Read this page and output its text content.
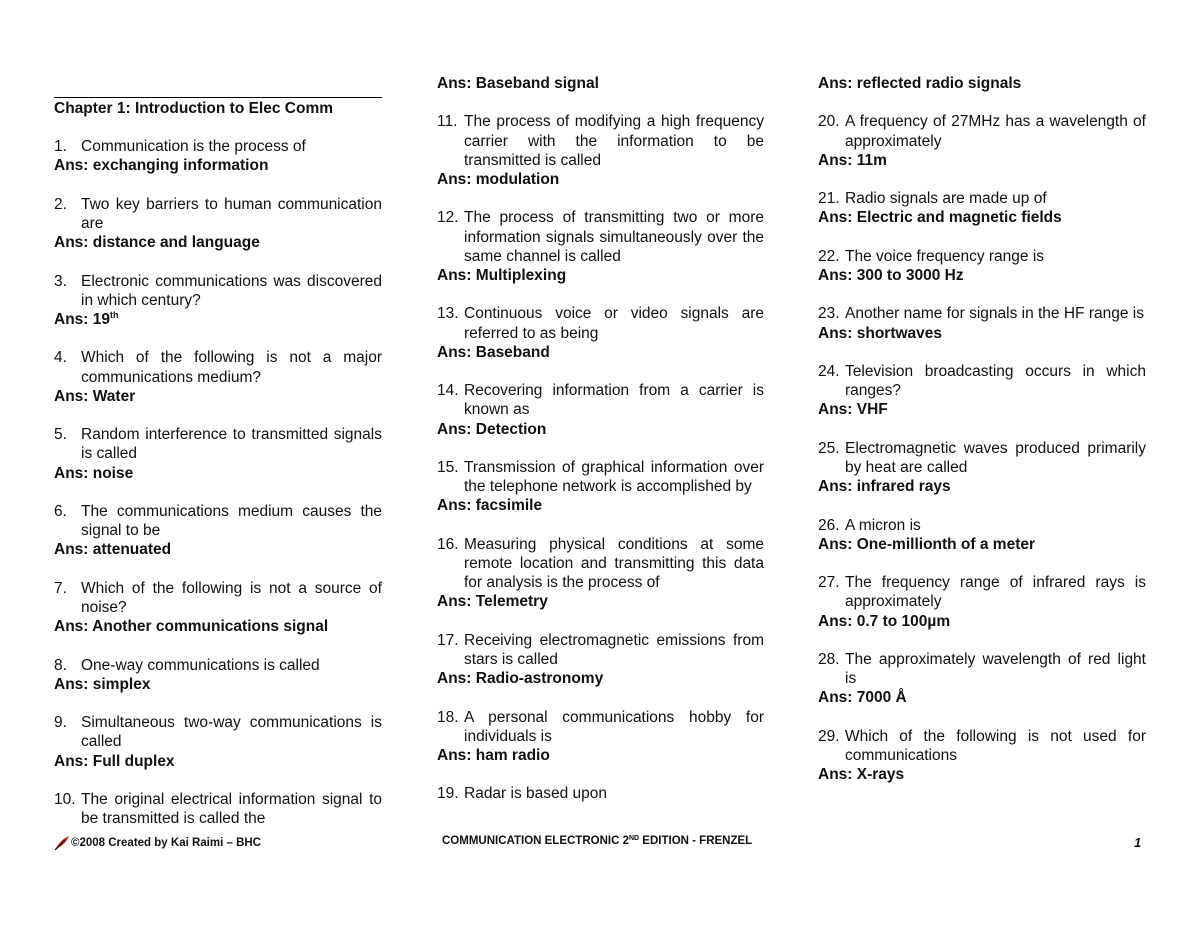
Chapter 1: Introduction to Elec Comm
1. Communication is the process of
Ans: exchanging information
2. Two key barriers to human communication are
Ans: distance and language
3. Electronic communications was discovered in which century?
Ans: 19th
4. Which of the following is not a major communications medium?
Ans: Water
5. Random interference to transmitted signals is called
Ans: noise
6. The communications medium causes the signal to be
Ans: attenuated
7. Which of the following is not a source of noise?
Ans: Another communications signal
8. One-way communications is called
Ans: simplex
9. Simultaneous two-way communications is called
Ans: Full duplex
10. The original electrical information signal to be transmitted is called the
Ans: Baseband signal
11. The process of modifying a high frequency carrier with the information to be transmitted is called
Ans: modulation
12. The process of transmitting two or more information signals simultaneously over the same channel is called
Ans: Multiplexing
13. Continuous voice or video signals are referred to as being
Ans: Baseband
14. Recovering information from a carrier is known as
Ans: Detection
15. Transmission of graphical information over the telephone network is accomplished by
Ans: facsimile
16. Measuring physical conditions at some remote location and transmitting this data for analysis is the process of
Ans: Telemetry
17. Receiving electromagnetic emissions from stars is called
Ans: Radio-astronomy
18. A personal communications hobby for individuals is
Ans: ham radio
19. Radar is based upon
Ans: reflected radio signals
20. A frequency of 27MHz has a wavelength of approximately
Ans: 11m
21. Radio signals are made up of
Ans: Electric and magnetic fields
22. The voice frequency range is
Ans: 300 to 3000 Hz
23. Another name for signals in the HF range is
Ans: shortwaves
24. Television broadcasting occurs in which ranges?
Ans: VHF
25. Electromagnetic waves produced primarily by heat are called
Ans: infrared rays
26. A micron is
Ans: One-millionth of a meter
27. The frequency range of infrared rays is approximately
Ans: 0.7 to 100µm
28. The approximately wavelength of red light is
Ans: 7000 Å
29. Which of the following is not used for communications
Ans: X-rays
©2008 Created by Kai Raimi – BHC	COMMUNICATION ELECTRONIC 2ND EDITION - FRENZEL	1
